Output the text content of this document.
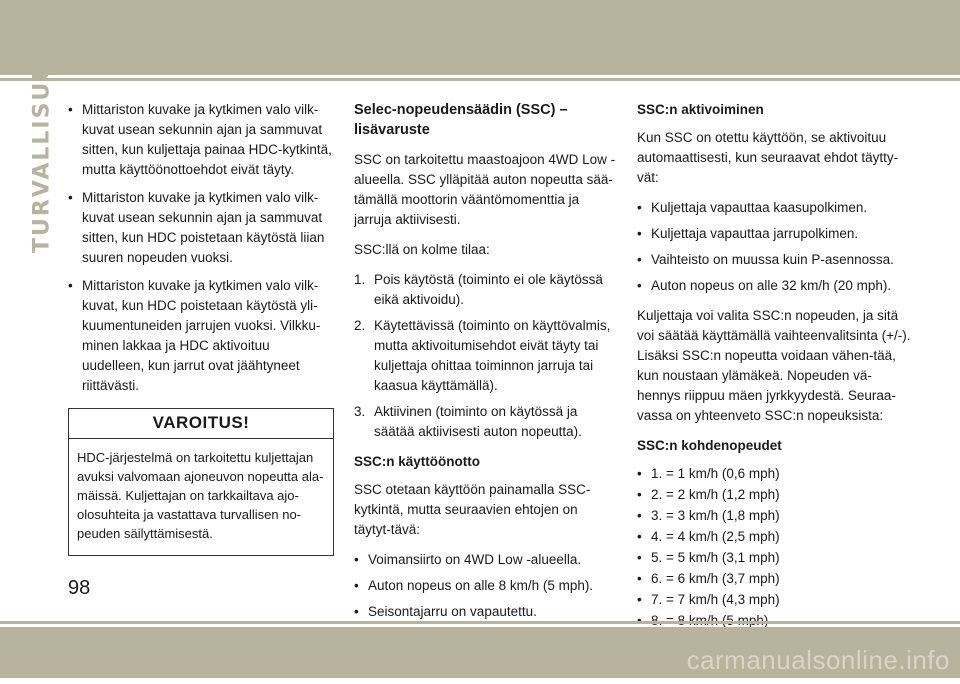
TURVALLISUUS
•	Mittariston kuvake ja kytkimen valo vilk-kuvat usean sekunnin ajan ja sammuvat sitten, kun kuljettaja painaa HDC-kytkintä, mutta käyttöönottoehdot eivät täyty.
• Mittariston kuvake ja kytkimen valo vilk-kuvat usean sekunnin ajan ja sammuvat sitten, kun HDC poistetaan käytöstä liian suuren nopeuden vuoksi.
• Mittariston kuvake ja kytkimen valo vilk-kuvat, kun HDC poistetaan käytöstä yli-kuumentuneiden jarrujen vuoksi. Vilkku-minen lakkaa ja HDC aktivoituu uudelleen, kun jarrut ovat jäähtyneet riittävästi.
VAROITUS!
HDC-järjestelmä on tarkoitettu kuljettajan avuksi valvomaan ajoneuvon nopeutta ala-mäissä. Kuljettajan on tarkkailtava ajo-olosuhteita ja vastattava turvallisen no-peuden säilyttämisestä.
Selec-nopeudensäädin (SSC) – lisävaruste

SSC on tarkoitettu maastoajoon 4WD Low -alueella. SSC ylläpitää auton nopeutta sää-tämällä moottorin vääntömomenttia ja jarruja aktiivisesti.

SSC:llä on kolme tilaa:

1. Pois käytöstä (toiminto ei ole käytössä eikä aktivoidu).
2. Käytettävissä (toiminto on käyttövalmis, mutta aktivoitumisehdot eivät täyty tai kuljettaja ohittaa toiminnon jarruja tai kaasua käyttämällä).
3. Aktiivinen (toiminto on käytössä ja säätää aktiivisesti auton nopeutta).
SSC:n käyttöönotto

SSC otetaan käyttöön painamalla SSC-kytkintä, mutta seuraavien ehtojen on täytyt-tävä:

• Voimansiirto on 4WD Low -alueella.
• Auton nopeus on alle 8 km/h (5 mph).
• Seisontajarru on vapautettu.
•
•
SSC:n aktivoiminen

Kun SSC on otettu käyttöön, se aktivoituu automaattisesti, kun seuraavat ehdot täytty-vät:

• Kuljettaja vapauttaa kaasupolkimen.
• Kuljettaja vapauttaa jarrupolkimen.
• Vaihteisto on muussa kuin P-asennossa.
• Auton nopeus on alle 32 km/h (20 mph).

Kuljettaja voi valita SSC:n nopeuden, ja sitä voi säätää käyttämällä vaihteenvalitsinta (+/-). Lisäksi SSC:n nopeutta voidaan vähen-tää, kun noustaan ylämäkeä. Nopeuden vä-hennys riippuu mäen jyrkkyydestä. Seuraa-vassa on yhteenveto SSC:n nopeuksista:

SSC:n kohdenopeudet
• 1. = 1 km/h (0,6 mph)
• 2. = 2 km/h (1,2 mph)
• 3. = 3 km/h (1,8 mph)
• 4. = 4 km/h (2,5 mph)
• 5. = 5 km/h (3,1 mph)
• 6. = 6 km/h (3,7 mph)
• 7. = 7 km/h (4,3 mph)
•
98
carmanualsonline.info
